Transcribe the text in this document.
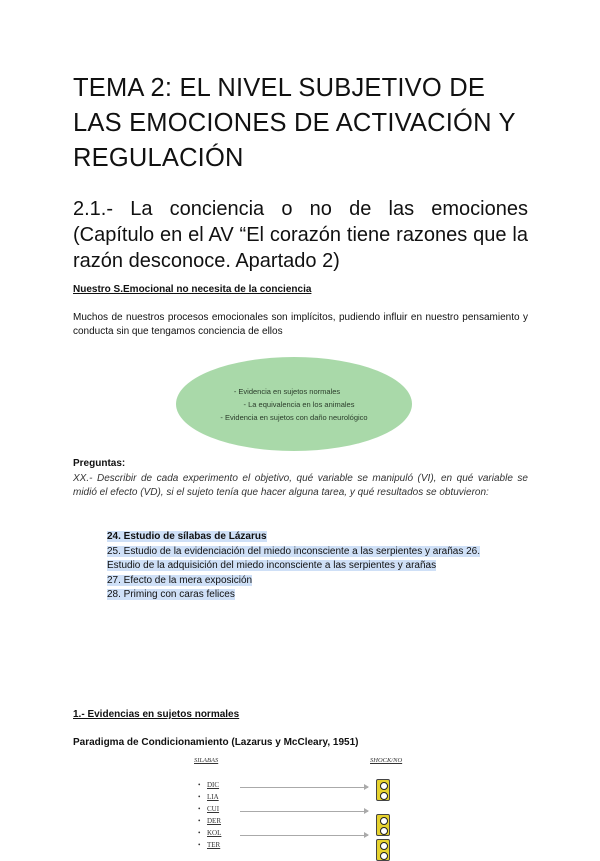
TEMA 2: EL NIVEL SUBJETIVO DE LAS EMOCIONES DE ACTIVACIÓN Y REGULACIÓN
2.1.- La conciencia o no de las emociones (Capítulo en el AV “El corazón tiene razones que la razón desconoce. Apartado 2)

Nuestro S.Emocional no necesita de la conciencia

Muchos de nuestros procesos emocionales son implícitos, pudiendo influir en nuestro pensamiento y conducta sin que tengamos conciencia de ellos

- Evidencia en sujetos normales
- La equivalencia en los animales
- Evidencia en sujetos con daño neurológico

Preguntas:

XX.- Describir de cada experimento el objetivo, qué variable se manipuló (VI), en qué variable se midió el efecto (VD), si el sujeto tenía que hacer alguna tarea, y qué resultados se obtuvieron:

24. Estudio de sílabas de Lázarus
25. Estudio de la evidenciación del miedo inconsciente a las serpientes y arañas 26.
Estudio de la adquisición del miedo inconsciente a las serpientes y arañas
27. Efecto de la mera exposición
28. Priming con caras felices

1.- Evidencias en sujetos normales

Paradigma de Condicionamiento (Lazarus y McCleary, 1951)

SILABAS	SHOCK/NO
• DIC
• LIA
• CUI
• DER
• KOL
• TER
